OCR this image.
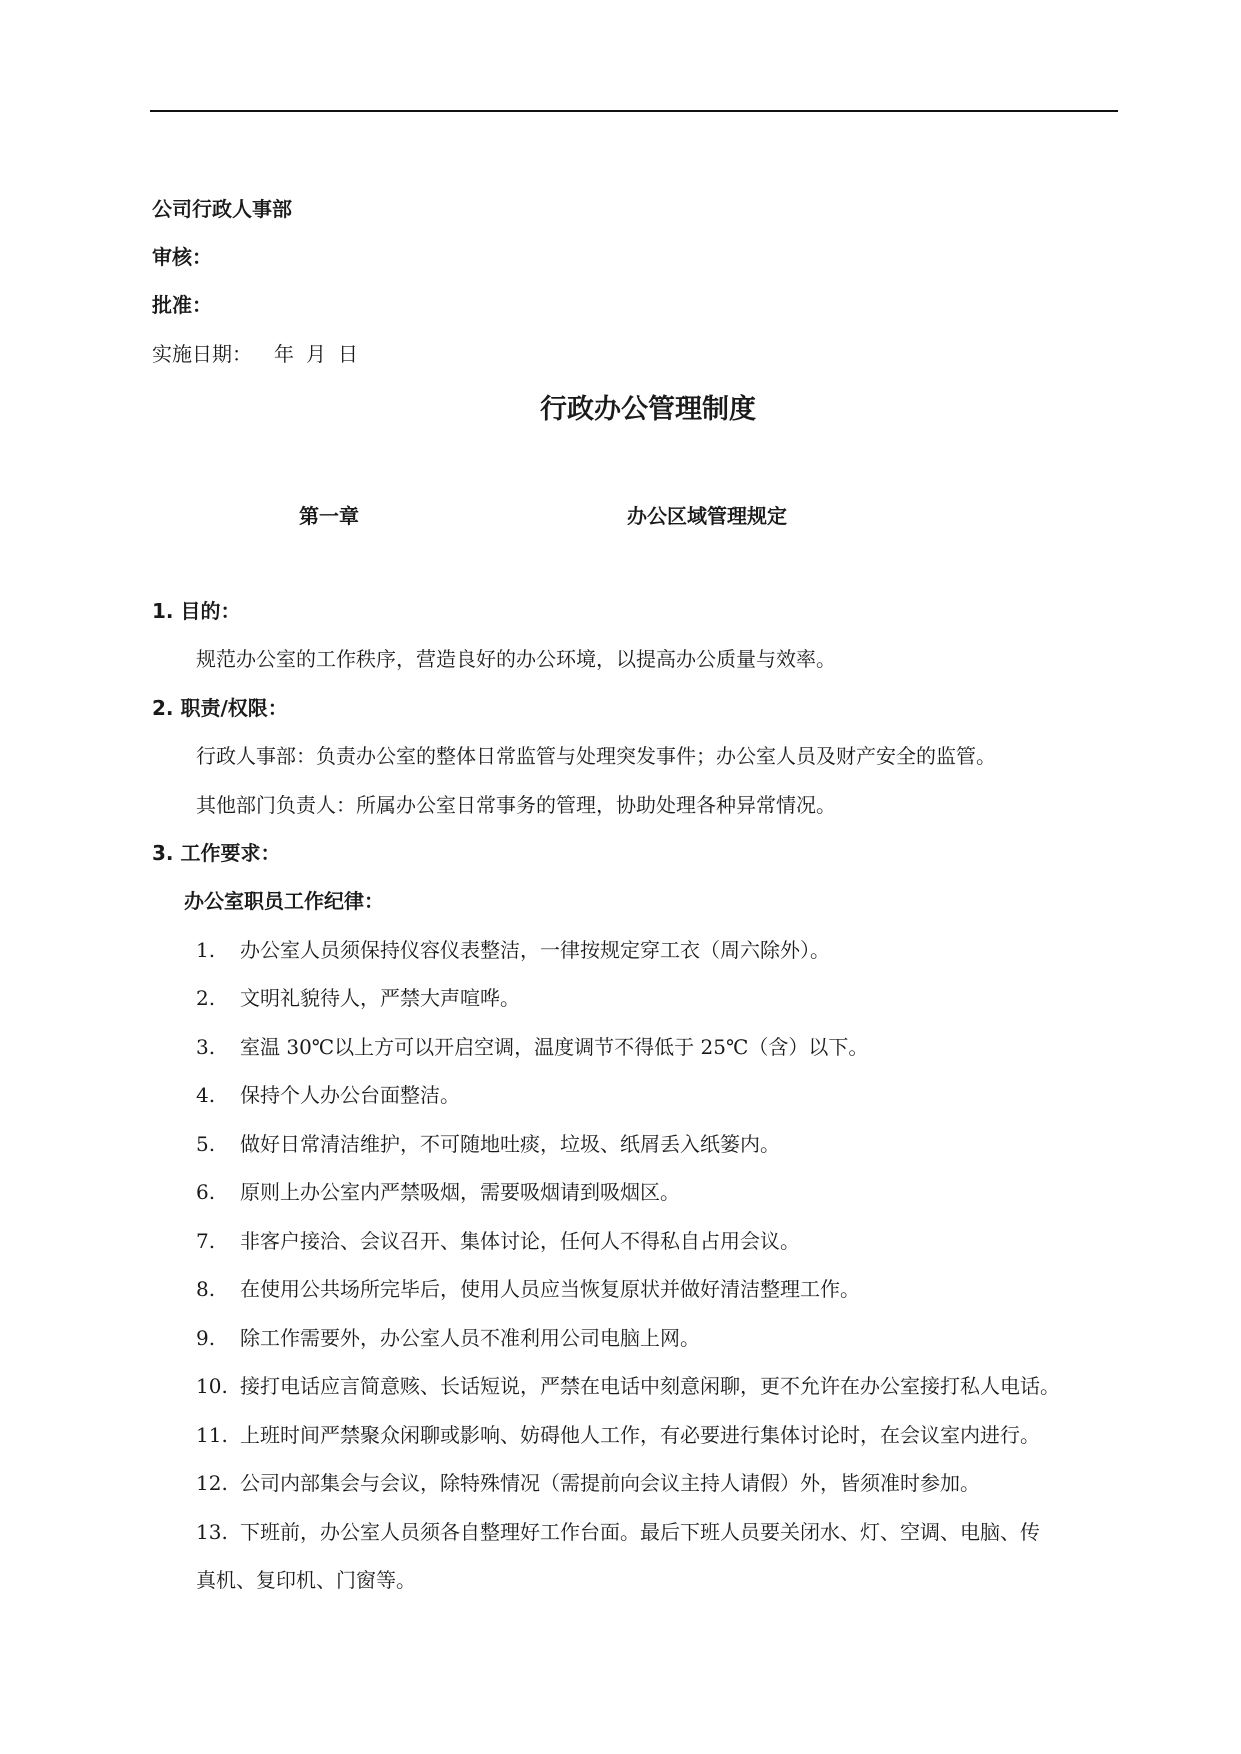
公司行政人事部
审核：
批准：
实施日期： 年 月 日
行政办公管理制度
第一章	办公区域管理规定
1. 目的：
规范办公室的工作秩序，营造良好的办公环境，以提高办公质量与效率。
2. 职责/权限：
行政人事部：负责办公室的整体日常监管与处理突发事件；办公室人员及财产安全的监管。
其他部门负责人：所属办公室日常事务的管理，协助处理各种异常情况。
3. 工作要求：
办公室职员工作纪律：
1. 办公室人员须保持仪容仪表整洁，一律按规定穿工衣（周六除外）。
2. 文明礼貌待人，严禁大声喧哗。
3. 室温 30℃以上方可以开启空调，温度调节不得低于 25℃（含）以下。
4. 保持个人办公台面整洁。
5. 做好日常清洁维护，不可随地吐痰，垃圾、纸屑丢入纸篓内。
6. 原则上办公室内严禁吸烟，需要吸烟请到吸烟区。
7. 非客户接洽、会议召开、集体讨论，任何人不得私自占用会议。
8. 在使用公共场所完毕后，使用人员应当恢复原状并做好清洁整理工作。
9. 除工作需要外，办公室人员不准利用公司电脑上网。
10. 接打电话应言简意赅、长话短说，严禁在电话中刻意闲聊，更不允许在办公室接打私人电话。
11. 上班时间严禁聚众闲聊或影响、妨碍他人工作，有必要进行集体讨论时，在会议室内进行。
12. 公司内部集会与会议，除特殊情况（需提前向会议主持人请假）外，皆须准时参加。
13. 下班前，办公室人员须各自整理好工作台面。最后下班人员要关闭水、灯、空调、电脑、传
真机、复印机、门窗等。
